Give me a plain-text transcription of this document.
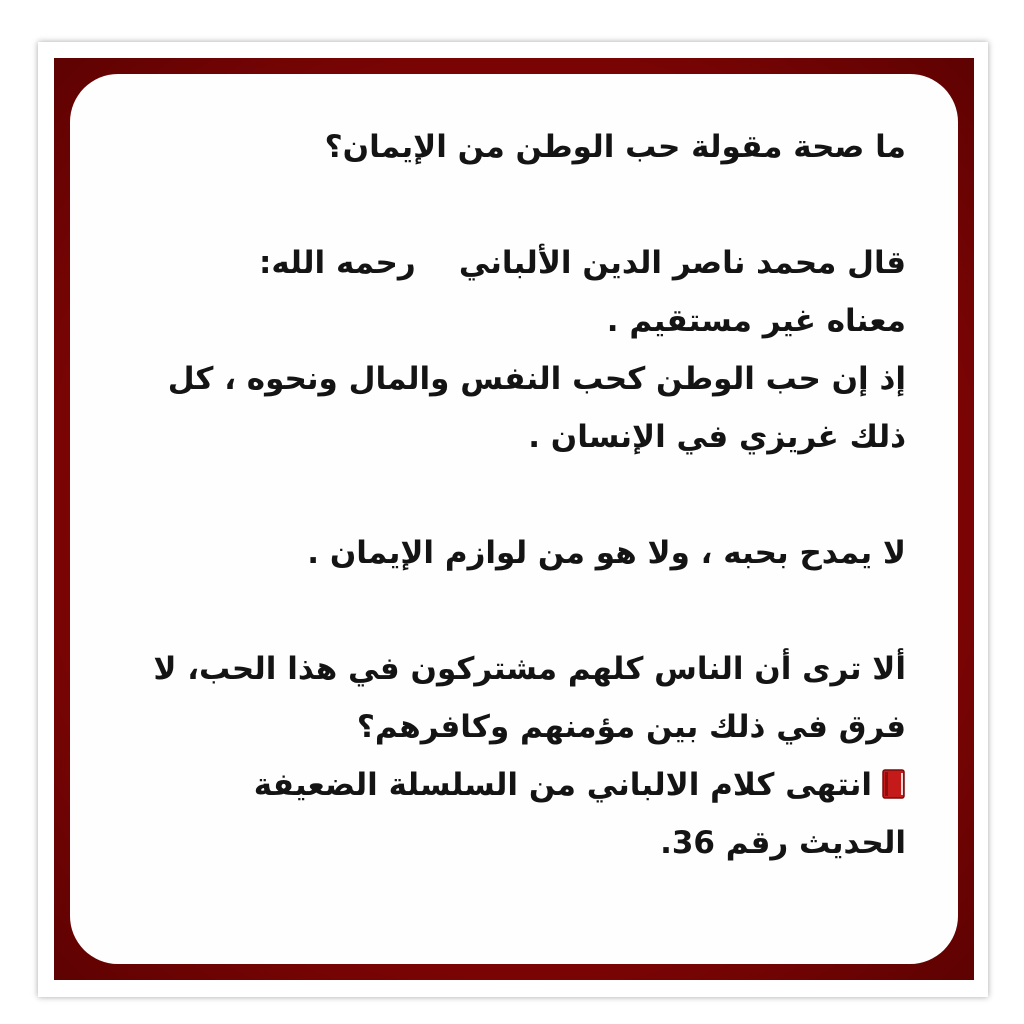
ما صحة مقولة حب الوطن من الإيمان؟
قال محمد ناصر الدين الألباني    رحمه الله:
معناه غير مستقيم .
إذ إن حب الوطن كحب النفس والمال ونحوه ، كل
ذلك غريزي في الإنسان .
لا يمدح بحبه ، ولا هو من لوازم الإيمان .
ألا ترى أن الناس كلهم مشتركون في هذا الحب، لا
فرق في ذلك بين مؤمنهم وكافرهم؟
انتهى كلام الالباني من السلسلة الضعيفة
الحديث رقم 36.
